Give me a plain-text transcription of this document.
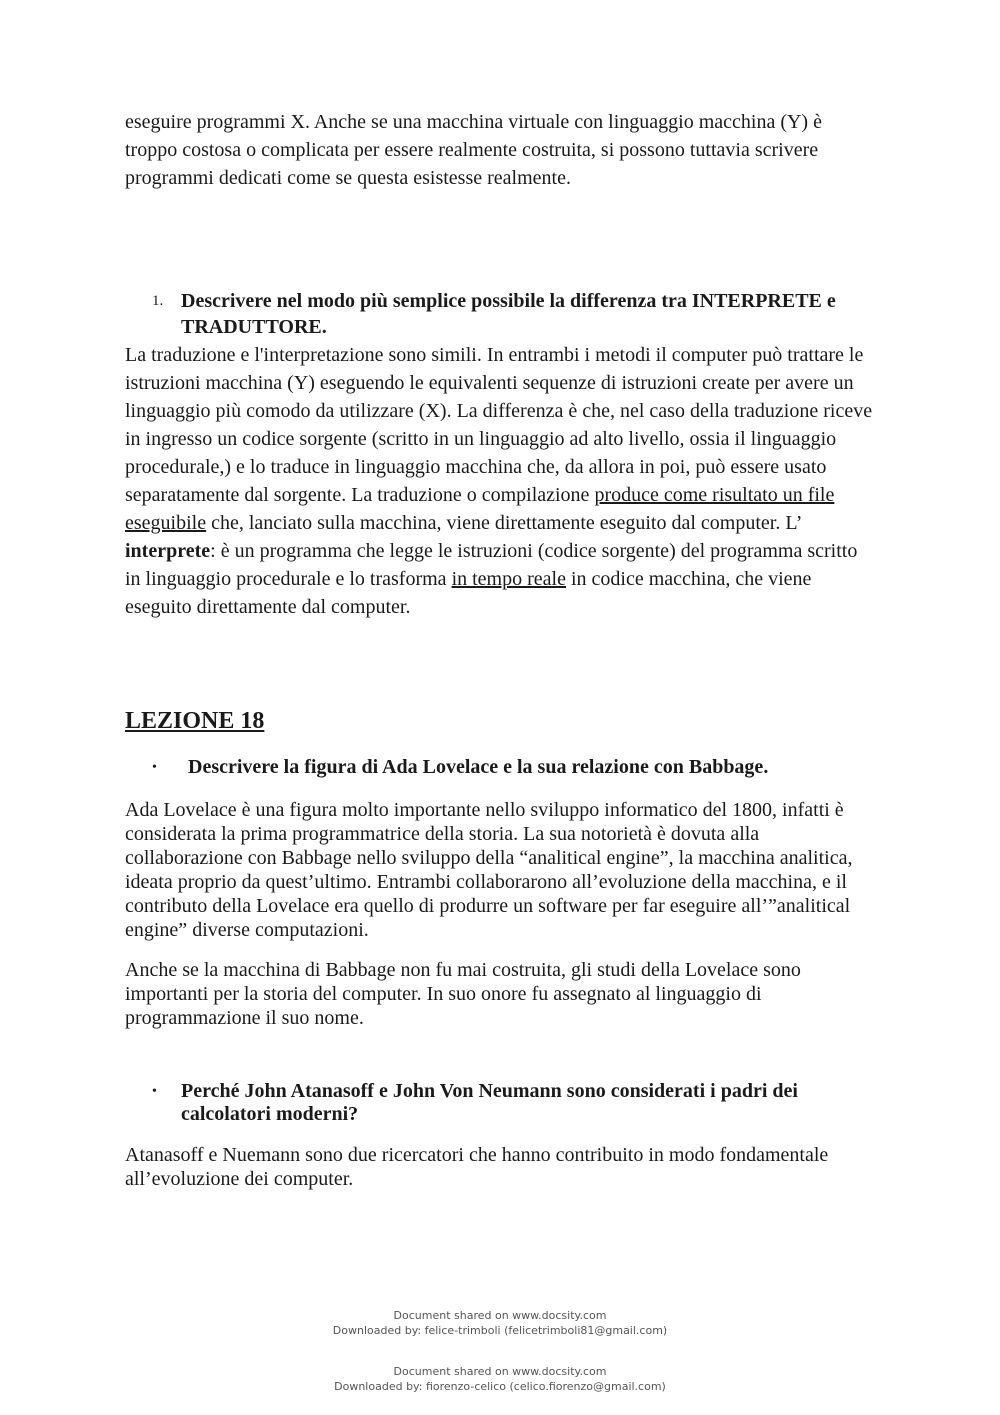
eseguire programmi X. Anche se una macchina virtuale con linguaggio macchina (Y) è troppo costosa o complicata per essere realmente costruita, si possono tuttavia scrivere programmi dedicati come se questa esistesse realmente.

1. Descrivere nel modo più semplice possibile la differenza tra INTERPRETE e TRADUTTORE.

La traduzione e l'interpretazione sono simili. In entrambi i metodi il computer può trattare le istruzioni macchina (Y) eseguendo le equivalenti sequenze di istruzioni create per avere un linguaggio più comodo da utilizzare (X). La differenza è che, nel caso della traduzione riceve in ingresso un codice sorgente (scritto in un linguaggio ad alto livello, ossia il linguaggio procedurale,) e lo traduce in linguaggio macchina che, da allora in poi, può essere usato separatamente dal sorgente. La traduzione o compilazione produce come risultato un file eseguibile che, lanciato sulla macchina, viene direttamente eseguito dal computer. L’ interprete: è un programma che legge le istruzioni (codice sorgente) del programma scritto in linguaggio procedurale e lo trasforma in tempo reale in codice macchina, che viene eseguito direttamente dal computer.

LEZIONE 18
• Descrivere la figura di Ada Lovelace e la sua relazione con Babbage.

Ada Lovelace è una figura molto importante nello sviluppo informatico del 1800, infatti è considerata la prima programmatrice della storia. La sua notorietà è dovuta alla collaborazione con Babbage nello sviluppo della “analitical engine”, la macchina analitica, ideata proprio da quest’ultimo. Entrambi collaborarono all’evoluzione della macchina, e il contributo della Lovelace era quello di produrre un software per far eseguire all’”analitical engine” diverse computazioni.

Anche se la macchina di Babbage non fu mai costruita, gli studi della Lovelace sono importanti per la storia del computer. In suo onore fu assegnato al linguaggio di programmazione il suo nome.

• Perché John Atanasoff e John Von Neumann sono considerati i padri dei calcolatori moderni?

Atanasoff e Nuemann sono due ricercatori che hanno contribuito in modo fondamentale all’evoluzione dei computer.

Document shared on www.docsity.com
Downloaded by: felice-trimboli (felicetrimboli81@gmail.com)
Document shared on www.docsity.com
Downloaded by: fiorenzo-celico (celico.fiorenzo@gmail.com)
